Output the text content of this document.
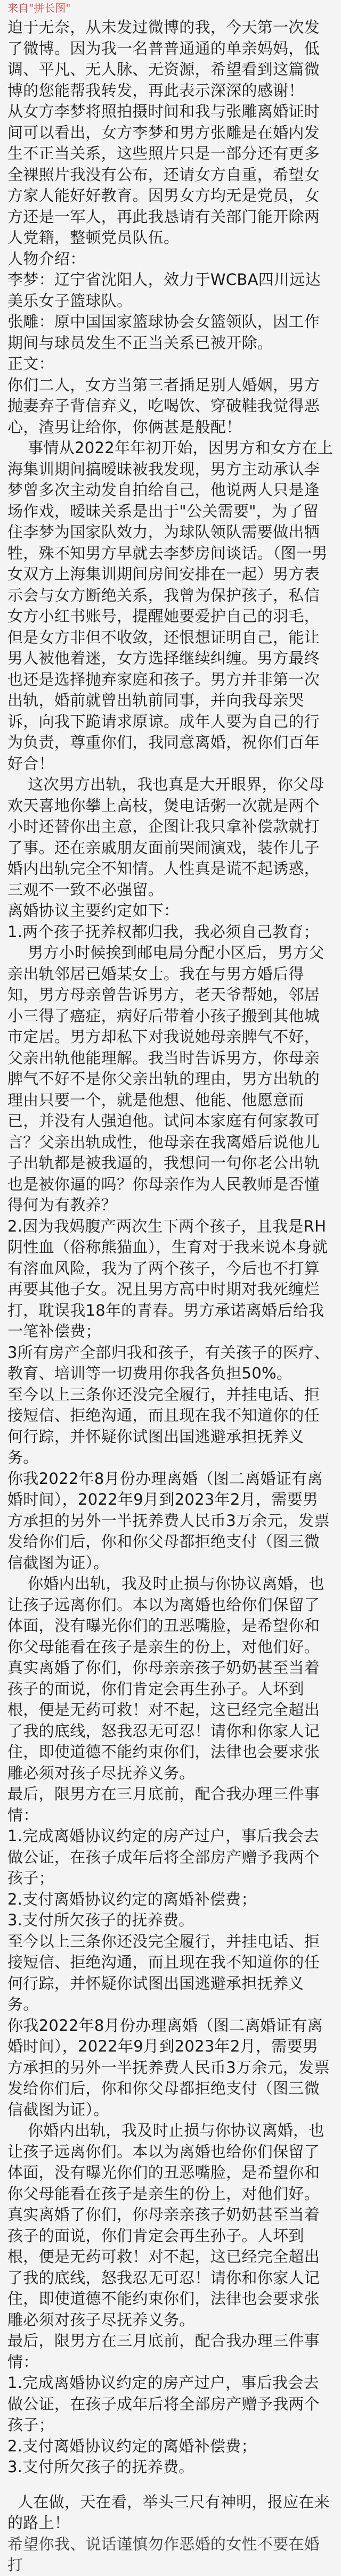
来自"拼长图"

迫于无奈，从未发过微博的我，今天第一次发了微博。因为我一名普普通通的单亲妈妈，低调、平凡、无人脉、无资源，希望看到这篇微博的您能帮我转发，再此表示深深的感谢！

从女方李梦将照拍摄时间和我与张雕离婚证时间可以看出，女方李梦和男方张雕是在婚内发生不正当关系，这些照片只是一部分还有更多全裸照片我没有公布，还请女方自重，希望女方家人能好好教育。因男女方均无是党员，女方还是一军人，再此我恳请有关部门能开除两人党籍，整顿党员队伍。

人物介绍：

李梦：辽宁省沈阳人，效力于WCBA四川远达美乐女子篮球队。

张雕：原中国国家篮球协会女篮领队，因工作期间与球员发生不正当关系已被开除。

正文：

你们二人，女方当第三者插足别人婚姻，男方抛妻弃子背信弃义，吃喝饮、穿破鞋我觉得恶心，渣男让给你，你俩甚是般配！

事情从2022年年初开始，因男方和女方在上海集训期间搞暧昧被我发现，男方主动承认李梦曾多次主动发自拍给自己，他说两人只是逢场作戏，暧昧关系是出于"公关需要"，为了留住李梦为国家队效力，为球队领队需要做出牺牲，殊不知男方早就去李梦房间谈话。（图一男女双方上海集训期间房间安排在一起）男方表示会与女方断绝关系，我曾为保护孩子，私信女方小红书账号，提醒她要爱护自己的羽毛，但是女方非但不收敛，还恨想证明自己，能让男人被他着迷，女方选择继续纠缠。男方最终也还是选择抛弃家庭和孩子。男方并非第一次出轨，婚前就曾出轨前同事，并向我母亲哭诉，向我下跪请求原谅。成年人要为自己的行为负责，尊重你们，我同意离婚，祝你们百年好合！

这次男方出轨，我也真是大开眼界，你父母欢天喜地你攀上高枝，煲电话粥一次就是两个小时还替你出主意，企图让我只拿补偿款就打了事。还在亲戚朋友面前哭闹演戏，装作儿子婚内出轨完全不知情。人性真是谎不起诱惑，三观不一致不必强留。

离婚协议主要约定如下：

1.两个孩子抚养权都归我，我必须自己教育；

男方小时候挨到邮电局分配小区后，男方父亲出轨邻居已婚某女士。我在与男方婚后得知，男方母亲曾告诉男方，老天爷帮她，邻居小三得了癌症，病好后带着小孩子搬到其他城市定居。男方却私下对我说她母亲脾气不好，父亲出轨他能理解。我当时告诉男方，你母亲脾气不好不是你父亲出轨的理由，男方出轨的理由只要一个，就是他想、他能、他愿意而已，并没有人强迫他。试问本家庭有何家教可言？父亲出轨成性，他母亲在我离婚后说他儿子出轨都是被我逼的，我想问一句你老公出轨也是被你逼的吗？你母亲作为人民教师是否懂得何为有教养？

2.因为我妈腹产两次生下两个孩子，且我是RH阴性血（俗称熊猫血），生育对于我来说本身就有溶血风险，我为了两个孩子，今后也不打算再要其他子女。况且男方高中时期对我死缠烂打，耽误我18年的青春。男方承诺离婚后给我一笔补偿费；

3所有房产全部归我和孩子，有关孩子的医疗、教育、培训等一切费用你我各负担50%。

至今以上三条你还没完全履行，并挂电话、拒接短信、拒绝沟通，而且现在我不知道你的任何行踪，并怀疑你试图出国逃避承担抚养义务。

你我2022年8月份办理离婚（图二离婚证有离婚时间），2022年9月到2023年2月，需要男方承担的另外一半抚养费人民币3万余元，发票发给你们后，你和你父母都拒绝支付（图三微信截图为证）。

你婚内出轨，我及时止损与你协议离婚，也让孩子远离你们。本以为离婚也给你们保留了体面，没有曝光你们的丑恶嘴脸，是希望你和你父母能看在孩子是亲生的份上，对他们好。真实离婚了你们，你母亲亲孩子奶奶甚至当着孩子的面说，你们肯定会再生孙子。人坏到根，便是无药可救！对不起，这已经完全超出了我的底线，怒我忍无可忍！请你和你家人记住，即使道德不能约束你们，法律也会要求张雕必须对孩子尽抚养义务。

最后，限男方在三月底前，配合我办理三件事情：

1.完成离婚协议约定的房产过户，事后我会去做公证，在孩子成年后将全部房产赠予我两个孩子；

2.支付离婚协议约定的离婚补偿费；

3.支付所欠孩子的抚养费。

至今以上三条你还没完全履行，并挂电话、拒接短信、拒绝沟通，而且现在我不知道你的任何行踪，并怀疑你试图出国逃避承担抚养义务。

你我2022年8月份办理离婚（图二离婚证有离婚时间），2022年9月到2023年2月，需要男方承担的另外一半抚养费人民币3万余元，发票发给你们后，你和你父母都拒绝支付（图三微信截图为证）。

你婚内出轨，我及时止损与你协议离婚，也让孩子远离你们。本以为离婚也给你们保留了体面，没有曝光你们的丑恶嘴脸，是希望你和你父母能看在孩子是亲生的份上，对他们好。真实离婚了你们，你母亲亲孩子奶奶甚至当着孩子的面说，你们肯定会再生孙子。人坏到根，便是无药可救！对不起，这已经完全超出了我的底线，怒我忍无可忍！请你和你家人记住，即使道德不能约束你们，法律也会要求张雕必须对孩子尽抚养义务。

最后，限男方在三月底前，配合我办理三件事情：

1.完成离婚协议约定的房产过户，事后我会去做公证，在孩子成年后将全部房产赠予我两个孩子；

2.支付离婚协议约定的离婚补偿费；

3.支付所欠孩子的抚养费。

人在做，天在看，举头三尺有神明，报应在来的路上！

希望你我、说话谨慎勿作恶婚的女性不要在婚打
